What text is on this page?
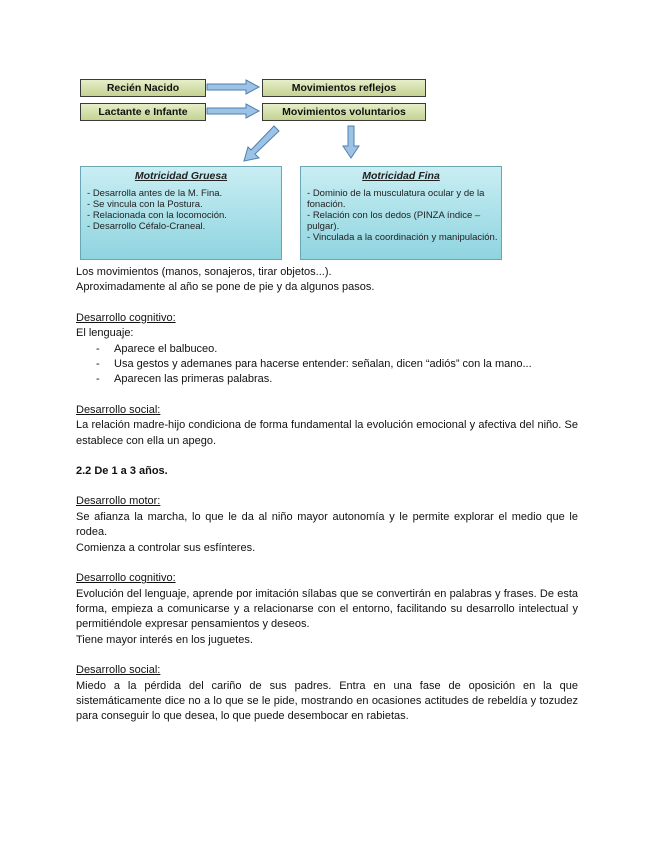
Recién Nacido	Movimientos reflejos
Lactante e Infante	Movimientos voluntarios
Motricidad Gruesa
- Desarrolla antes de la M. Fina.
- Se vincula con la Postura.
- Relacionada con la locomoción.
- Desarrollo Céfalo-Craneal.
Motricidad Fina
- Dominio de la musculatura ocular y de la fonación.
- Relación con los dedos (PINZA índice – pulgar).
- Vinculada a la coordinación y manipulación.

Los movimientos (manos, sonajeros, tirar objetos...).

Aproximadamente al año se pone de pie y da algunos pasos.

Desarrollo cognitivo:

El lenguaje:

- Aparece el balbuceo.

- Usa gestos y ademanes para hacerse entender: señalan, dicen “adiós” con la mano...

- Aparecen las primeras palabras.

Desarrollo social:

La relación madre-hijo condiciona de forma fundamental la evolución emocional y afectiva del niño. Se establece con ella un apego.

2.2 De 1 a 3 años.

Desarrollo motor:

Se afianza la marcha, lo que le da al niño mayor autonomía y le permite explorar el medio que le rodea.

Comienza a controlar sus esfínteres.

Desarrollo cognitivo:

Evolución del lenguaje, aprende por imitación sílabas que se convertirán en palabras y frases. De esta forma, empieza a comunicarse y a relacionarse con el entorno, facilitando su desarrollo intelectual y permitiéndole expresar pensamientos y deseos.

Tiene mayor interés en los juguetes.

Desarrollo social:

Miedo a la pérdida del cariño de sus padres. Entra en una fase de oposición en la que sistemáticamente dice no a lo que se le pide, mostrando en ocasiones actitudes de rebeldía y tozudez para conseguir lo que desea, lo que puede desembocar en rabietas.
